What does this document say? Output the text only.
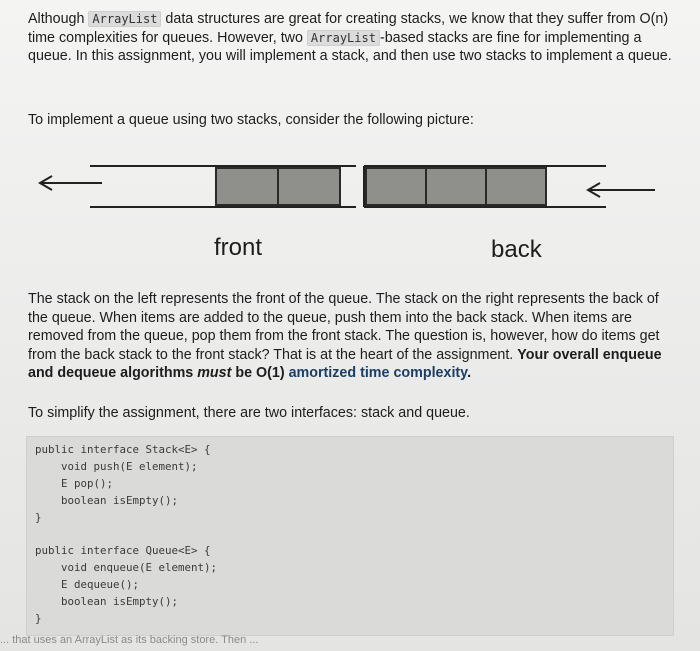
Although ArrayList data structures are great for creating stacks, we know that they suffer from O(n) time complexities for queues. However, two ArrayList -based stacks are fine for implementing a queue. In this assignment, you will implement a stack, and then use two stacks to implement a queue.
To implement a queue using two stacks, consider the following picture:
front	back
The stack on the left represents the front of the queue. The stack on the right represents the back of the queue. When items are added to the queue, push them into the back stack. When items are removed from the queue, pop them from the front stack. The question is, however, how do items get from the back stack to the front stack? That is at the heart of the assignment. Your overall enqueue and dequeue algorithms must be O(1) amortized time complexity.
To simplify the assignment, there are two interfaces: stack and queue.
public interface Stack<E> {
void push(E element);
E pop();
boolean isEmpty();
}
public interface Queue<E> {
void enqueue(E element);
E dequeue();
boolean isEmpty();
}
... that uses an ArrayList as its backing store. Then ...
